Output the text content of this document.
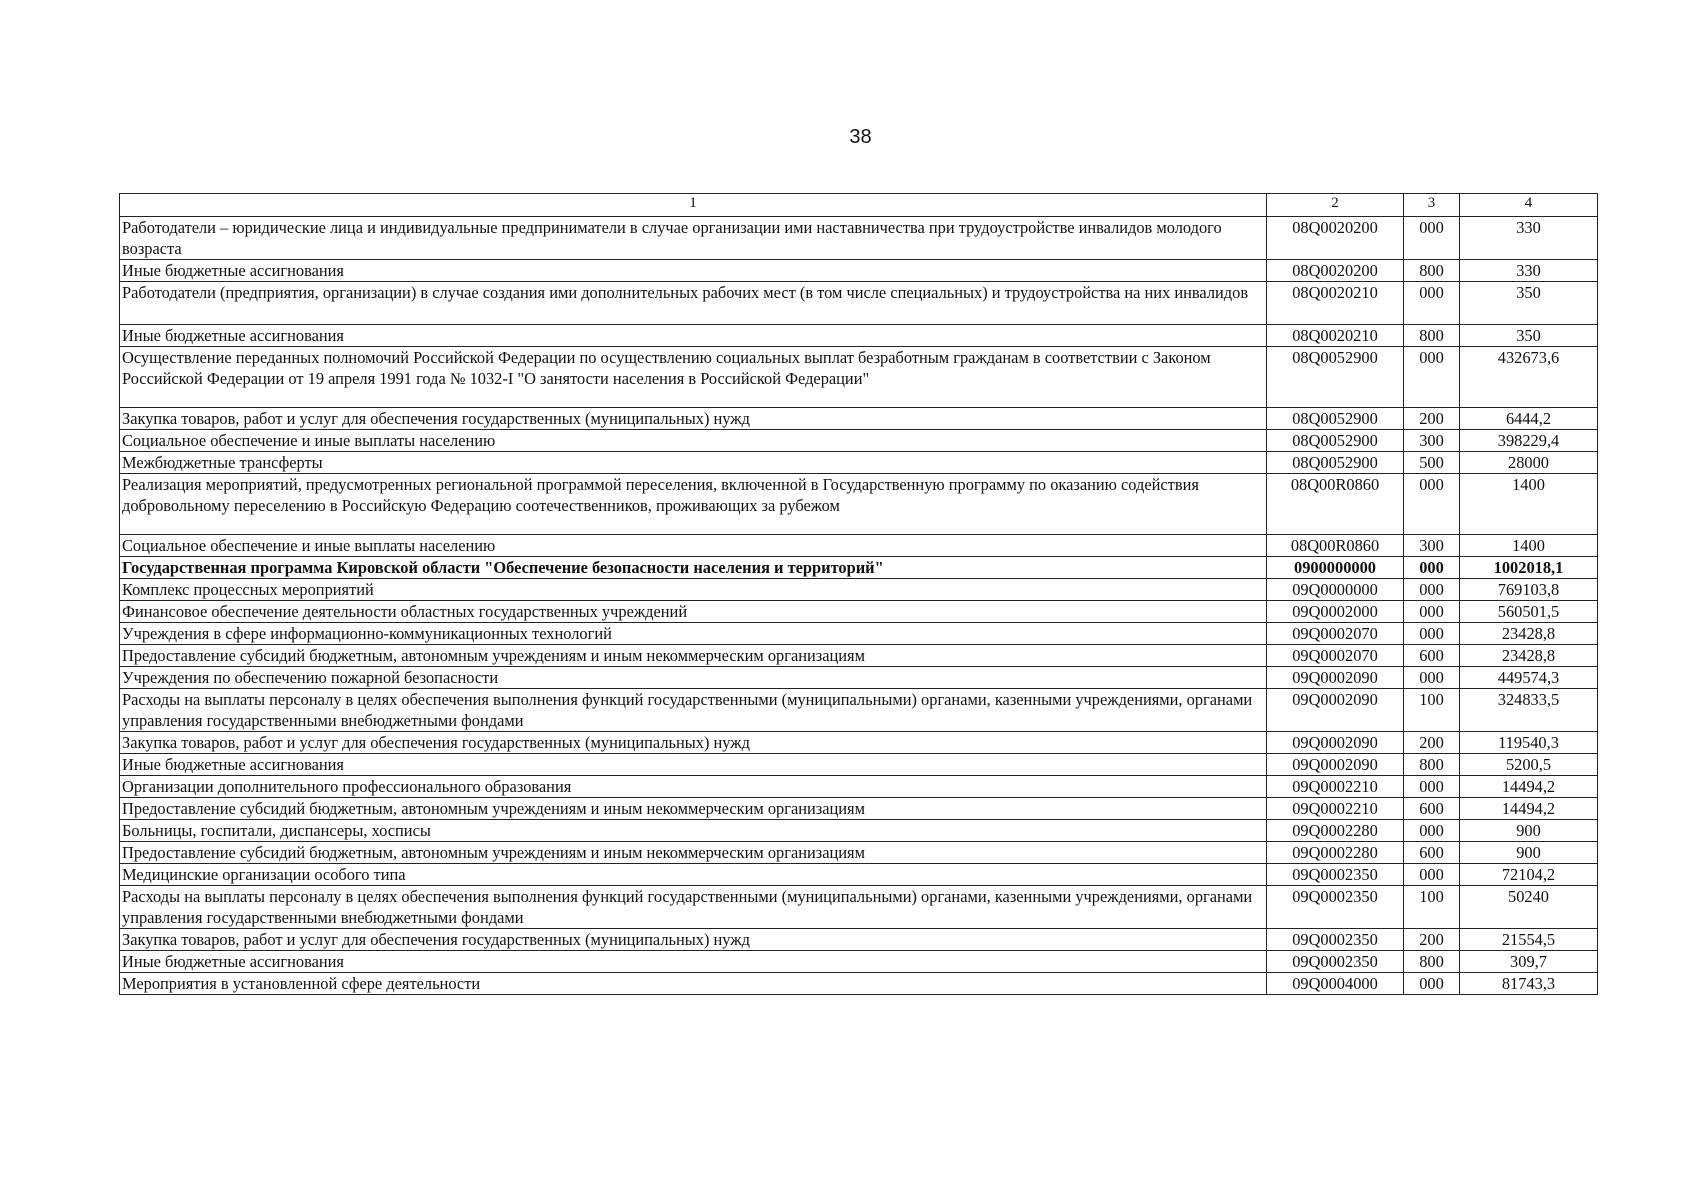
38
1	2	3	4
Работодатели – юридические лица и индивидуальные предприниматели в случае организации ими наставничества при трудоустройстве инвалидов молодого возраста	08Q0020200	000	330
Иные бюджетные ассигнования	08Q0020200	800	330
Работодатели (предприятия, организации) в случае создания ими дополнительных рабочих мест (в том числе специальных) и трудоустройства на них инвалидов	08Q0020210	000	350
Иные бюджетные ассигнования	08Q0020210	800	350
Осуществление переданных полномочий Российской Федерации по осуществлению социальных выплат безработным гражданам в соответствии с Законом Российской Федерации от 19 апреля 1991 года № 1032-I "О занятости населения в Российской Федерации"	08Q0052900	000	432673,6
Закупка товаров, работ и услуг для обеспечения государственных (муниципальных) нужд	08Q0052900	200	6444,2
Социальное обеспечение и иные выплаты населению	08Q0052900	300	398229,4
Межбюджетные трансферты	08Q0052900	500	28000
Реализация мероприятий, предусмотренных региональной программой переселения, включенной в Государственную программу по оказанию содействия добровольному переселению в Российскую Федерацию соотечественников, проживающих за рубежом	08Q00R0860	000	1400
Социальное обеспечение и иные выплаты населению	08Q00R0860	300	1400
Государственная программа Кировской области "Обеспечение безопасности населения и территорий"	0900000000	000	1002018,1
Комплекс процессных мероприятий	09Q0000000	000	769103,8
Финансовое обеспечение деятельности областных государственных учреждений	09Q0002000	000	560501,5
Учреждения в сфере информационно-коммуникационных технологий	09Q0002070	000	23428,8
Предоставление субсидий бюджетным, автономным учреждениям и иным некоммерческим организациям	09Q0002070	600	23428,8
Учреждения по обеспечению пожарной безопасности	09Q0002090	000	449574,3
Расходы на выплаты персоналу в целях обеспечения выполнения функций государственными (муниципальными) органами, казенными учреждениями, органами управления государственными внебюджетными фондами	09Q0002090	100	324833,5
Закупка товаров, работ и услуг для обеспечения государственных (муниципальных) нужд	09Q0002090	200	119540,3
Иные бюджетные ассигнования	09Q0002090	800	5200,5
Организации дополнительного профессионального образования	09Q0002210	000	14494,2
Предоставление субсидий бюджетным, автономным учреждениям и иным некоммерческим организациям	09Q0002210	600	14494,2
Больницы, госпитали, диспансеры, хосписы	09Q0002280	000	900
Предоставление субсидий бюджетным, автономным учреждениям и иным некоммерческим организациям	09Q0002280	600	900
Медицинские организации особого типа	09Q0002350	000	72104,2
Расходы на выплаты персоналу в целях обеспечения выполнения функций государственными (муниципальными) органами, казенными учреждениями, органами управления государственными внебюджетными фондами	09Q0002350	100	50240
Закупка товаров, работ и услуг для обеспечения государственных (муниципальных) нужд	09Q0002350	200	21554,5
Иные бюджетные ассигнования	09Q0002350	800	309,7
Мероприятия в установленной сфере деятельности	09Q0004000	000	81743,3
